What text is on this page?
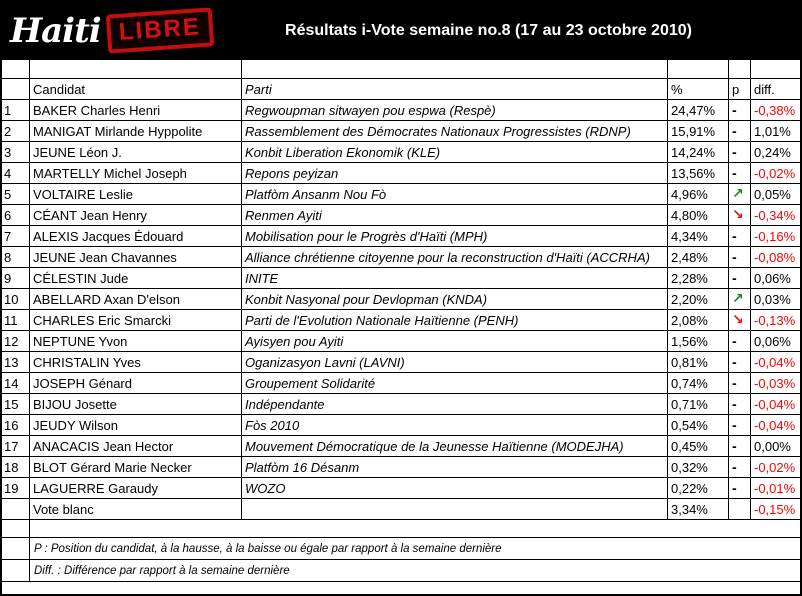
Haiti LIBRE	Résultats i-Vote semaine no.8 (17 au 23 octobre 2010)

	Candidat	Parti	%	p	diff.
1	BAKER Charles Henri	Regwoupman sitwayen pou espwa (Respè)	24,47%	-	-0,38%
2	MANIGAT Mirlande Hyppolite	Rassemblement des Démocrates Nationaux Progressistes (RDNP)	15,91%	-	1,01%
3	JEUNE Léon J.	Konbit Liberation Ekonomik (KLE)	14,24%	-	0,24%
4	MARTELLY Michel Joseph	Repons peyizan	13,56%	-	-0,02%
5	VOLTAIRE Leslie	Platfòm Ansanm Nou Fò	4,96%	↗	0,05%
6	CÉANT Jean Henry	Renmen Ayiti	4,80%	↘	-0,34%
7	ALEXIS Jacques Édouard	Mobilisation pour le Progrès d'Haïti (MPH)	4,34%	-	-0,16%
8	JEUNE Jean Chavannes	Alliance chrétienne citoyenne pour la reconstruction d'Haïti (ACCRHA)	2,48%	-	-0,08%
9	CÉLESTIN Jude	INITE	2,28%	-	0,06%
10	ABELLARD Axan D'elson	Konbit Nasyonal pour Devlopman (KNDA)	2,20%	↗	0,03%
11	CHARLES Eric Smarcki	Parti de l'Evolution Nationale Haïtienne (PENH)	2,08%	↘	-0,13%
12	NEPTUNE Yvon	Ayisyen pou Ayiti	1,56%	-	0,06%
13	CHRISTALIN Yves	Oganizasyon Lavni (LAVNI)	0,81%	-	-0,04%
14	JOSEPH Génard	Groupement Solidarité	0,74%	-	-0,03%
15	BIJOU Josette	Indépendante	0,71%	-	-0,04%
16	JEUDY Wilson	Fòs 2010	0,54%	-	-0,04%
17	ANACACIS Jean Hector	Mouvement Démocratique de la Jeunesse Haïtienne (MODEJHA)	0,45%	-	0,00%
18	BLOT Gérard Marie Necker	Platfòm 16 Désanm	0,32%	-	-0,02%
19	LAGUERRE Garaudy	WOZO	0,22%	-	-0,01%
	Vote blanc		3,34%		-0,15%

	P : Position du candidat, à la hausse, à la baisse ou égale par rapport à la semaine dernière				
	Diff. : Différence par rapport à la semaine dernière				
